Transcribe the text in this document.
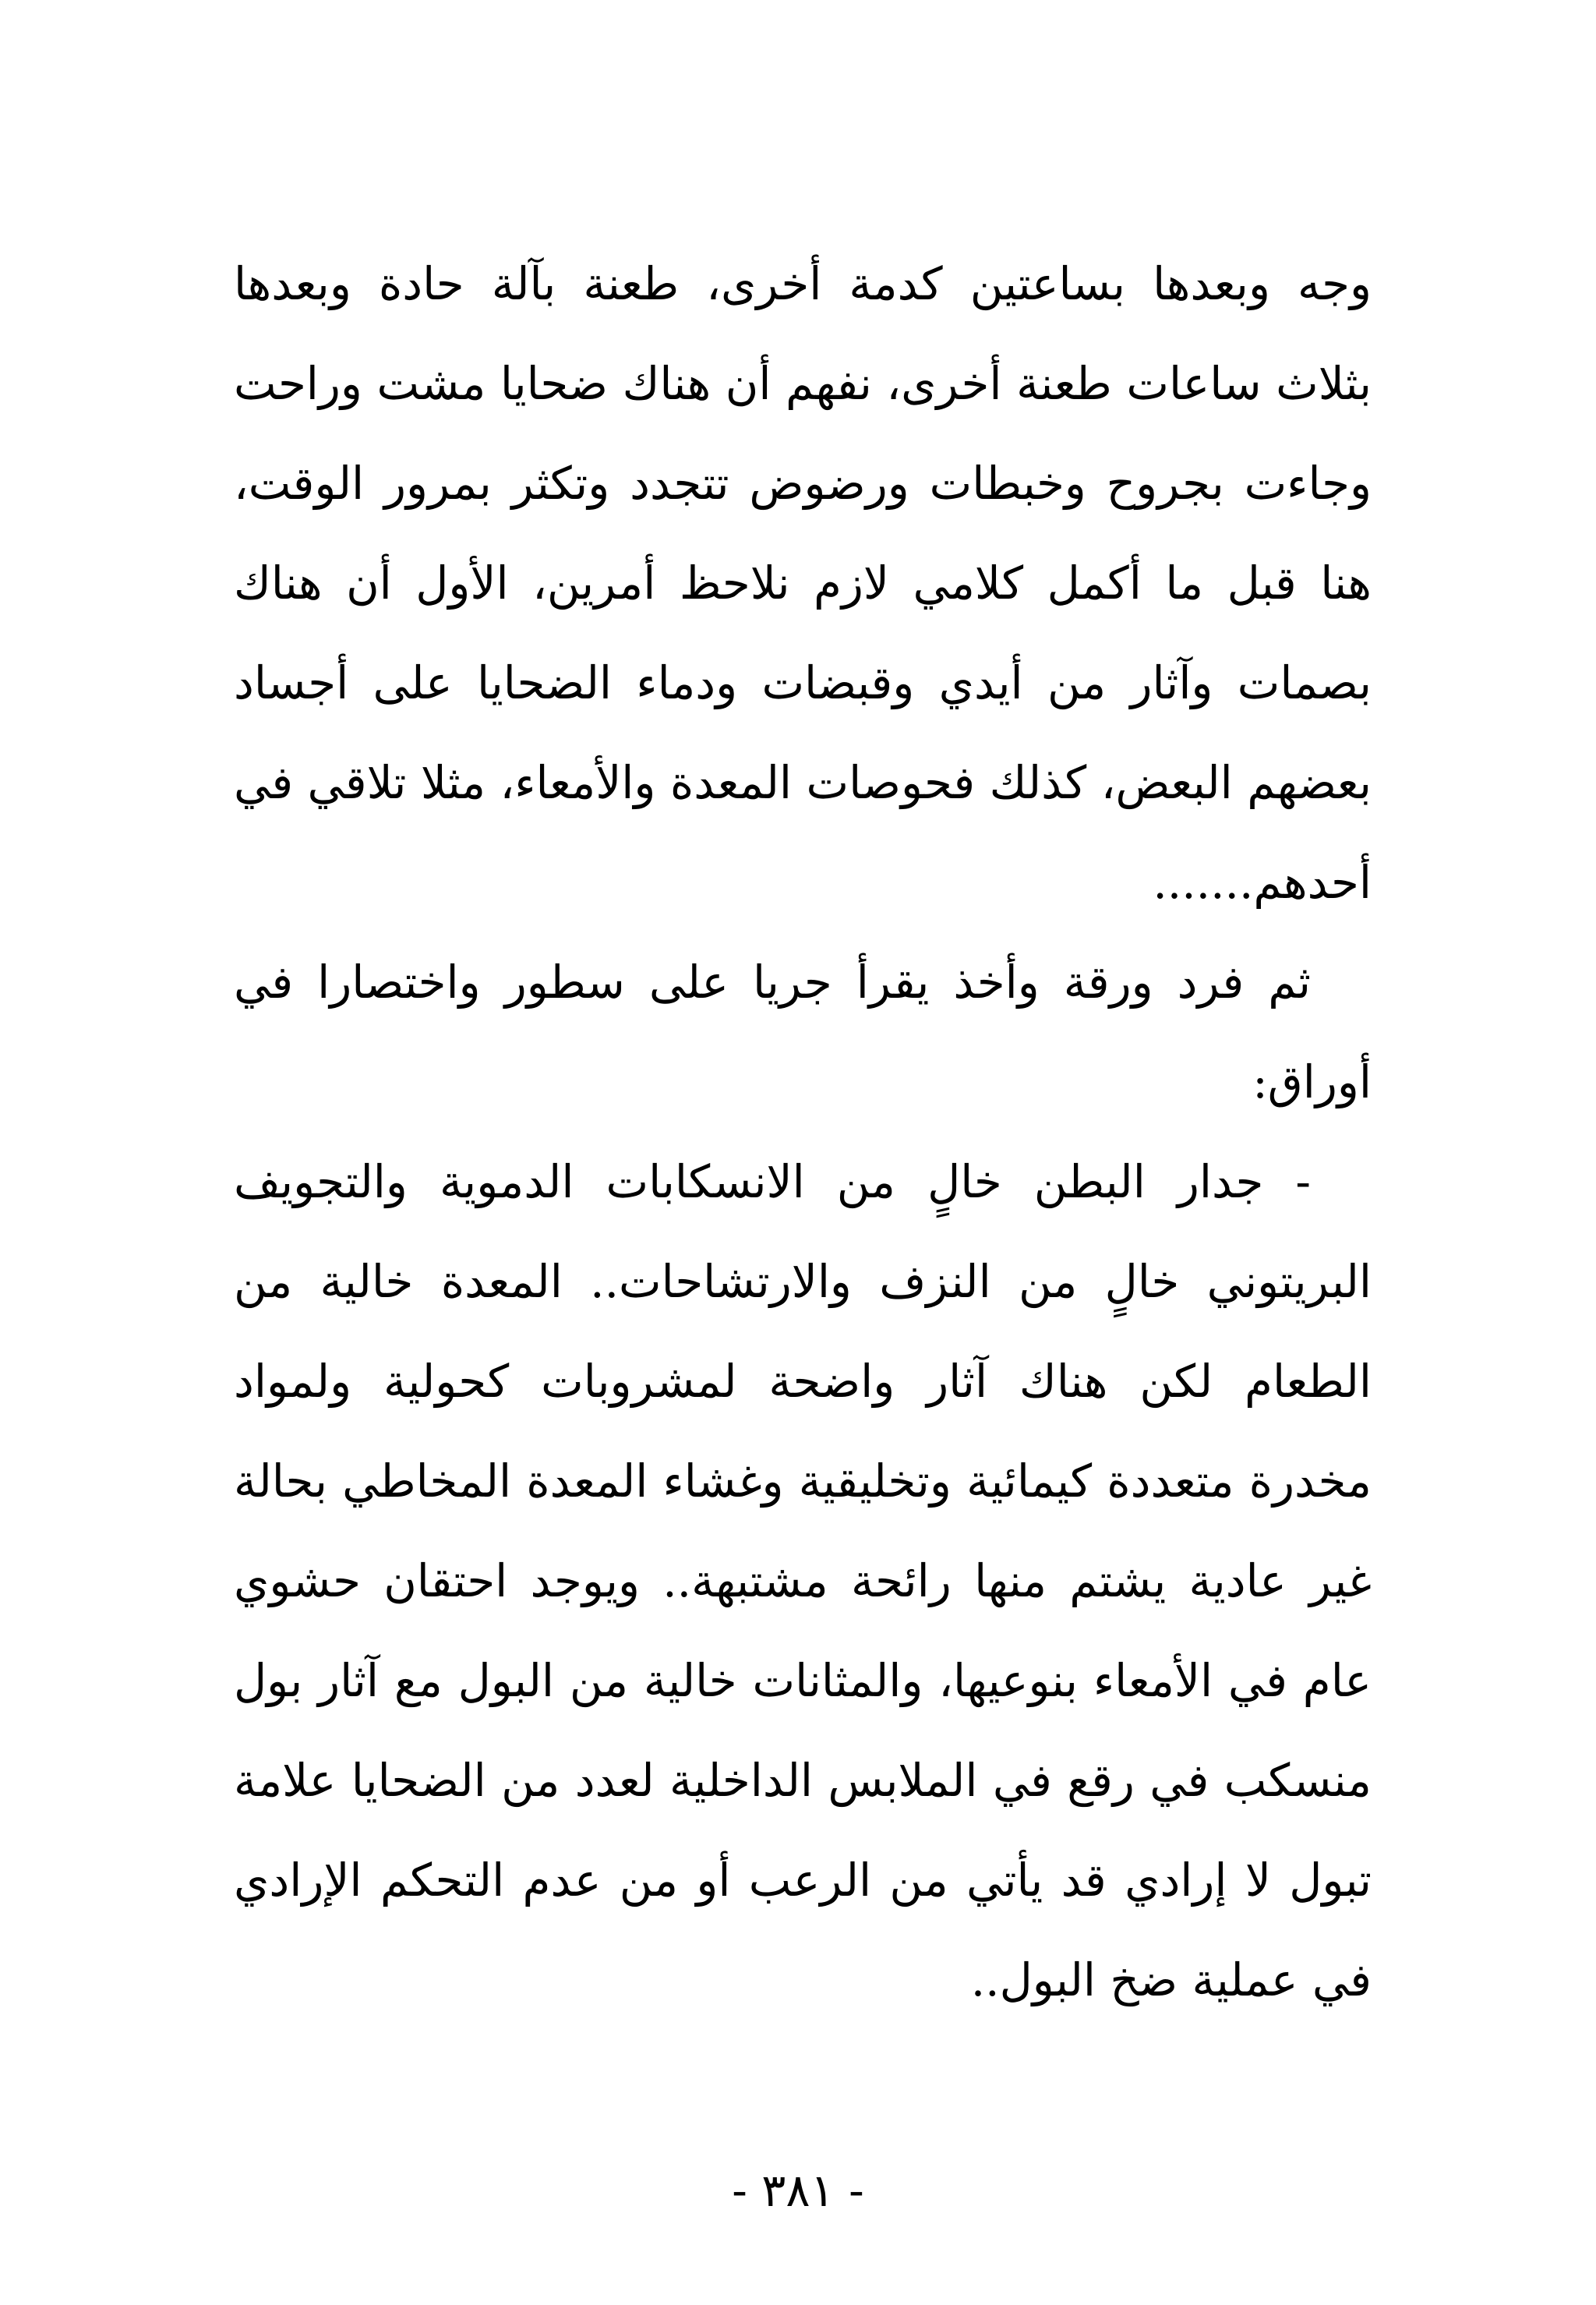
وجه وبعدها بساعتين كدمة أخرى، طعنة بآلة حادة وبعدها بثلاث ساعات طعنة أخرى، نفهم أن هناك ضحايا مشت وراحت وجاءت بجروح وخبطات ورضوض تتجدد وتكثر بمرور الوقت، هنا قبل ما أكمل كلامي لازم نلاحظ أمرين، الأول أن هناك بصمات وآثار من أيدي وقبضات ودماء الضحايا على أجساد بعضهم البعض، كذلك فحوصات المعدة والأمعاء، مثلا تلاقي في أحدهم.......

ثم فرد ورقة وأخذ يقرأ جريا على سطور واختصارا في أوراق:

- جدار البطن خالٍ من الانسكابات الدموية والتجويف البريتوني خالٍ من النزف والارتشاحات.. المعدة خالية من الطعام لكن هناك آثار واضحة لمشروبات كحولية ولمواد مخدرة متعددة كيمائية وتخليقية وغشاء المعدة المخاطي بحالة غير عادية يشتم منها رائحة مشتبهة.. ويوجد احتقان حشوي عام في الأمعاء بنوعيها، والمثانات خالية من البول مع آثار بول منسكب في رقع في الملابس الداخلية لعدد من الضحايا علامة تبول لا إرادي قد يأتي من الرعب أو من عدم التحكم الإرادي في عملية ضخ البول..

- ٣٨١ -
